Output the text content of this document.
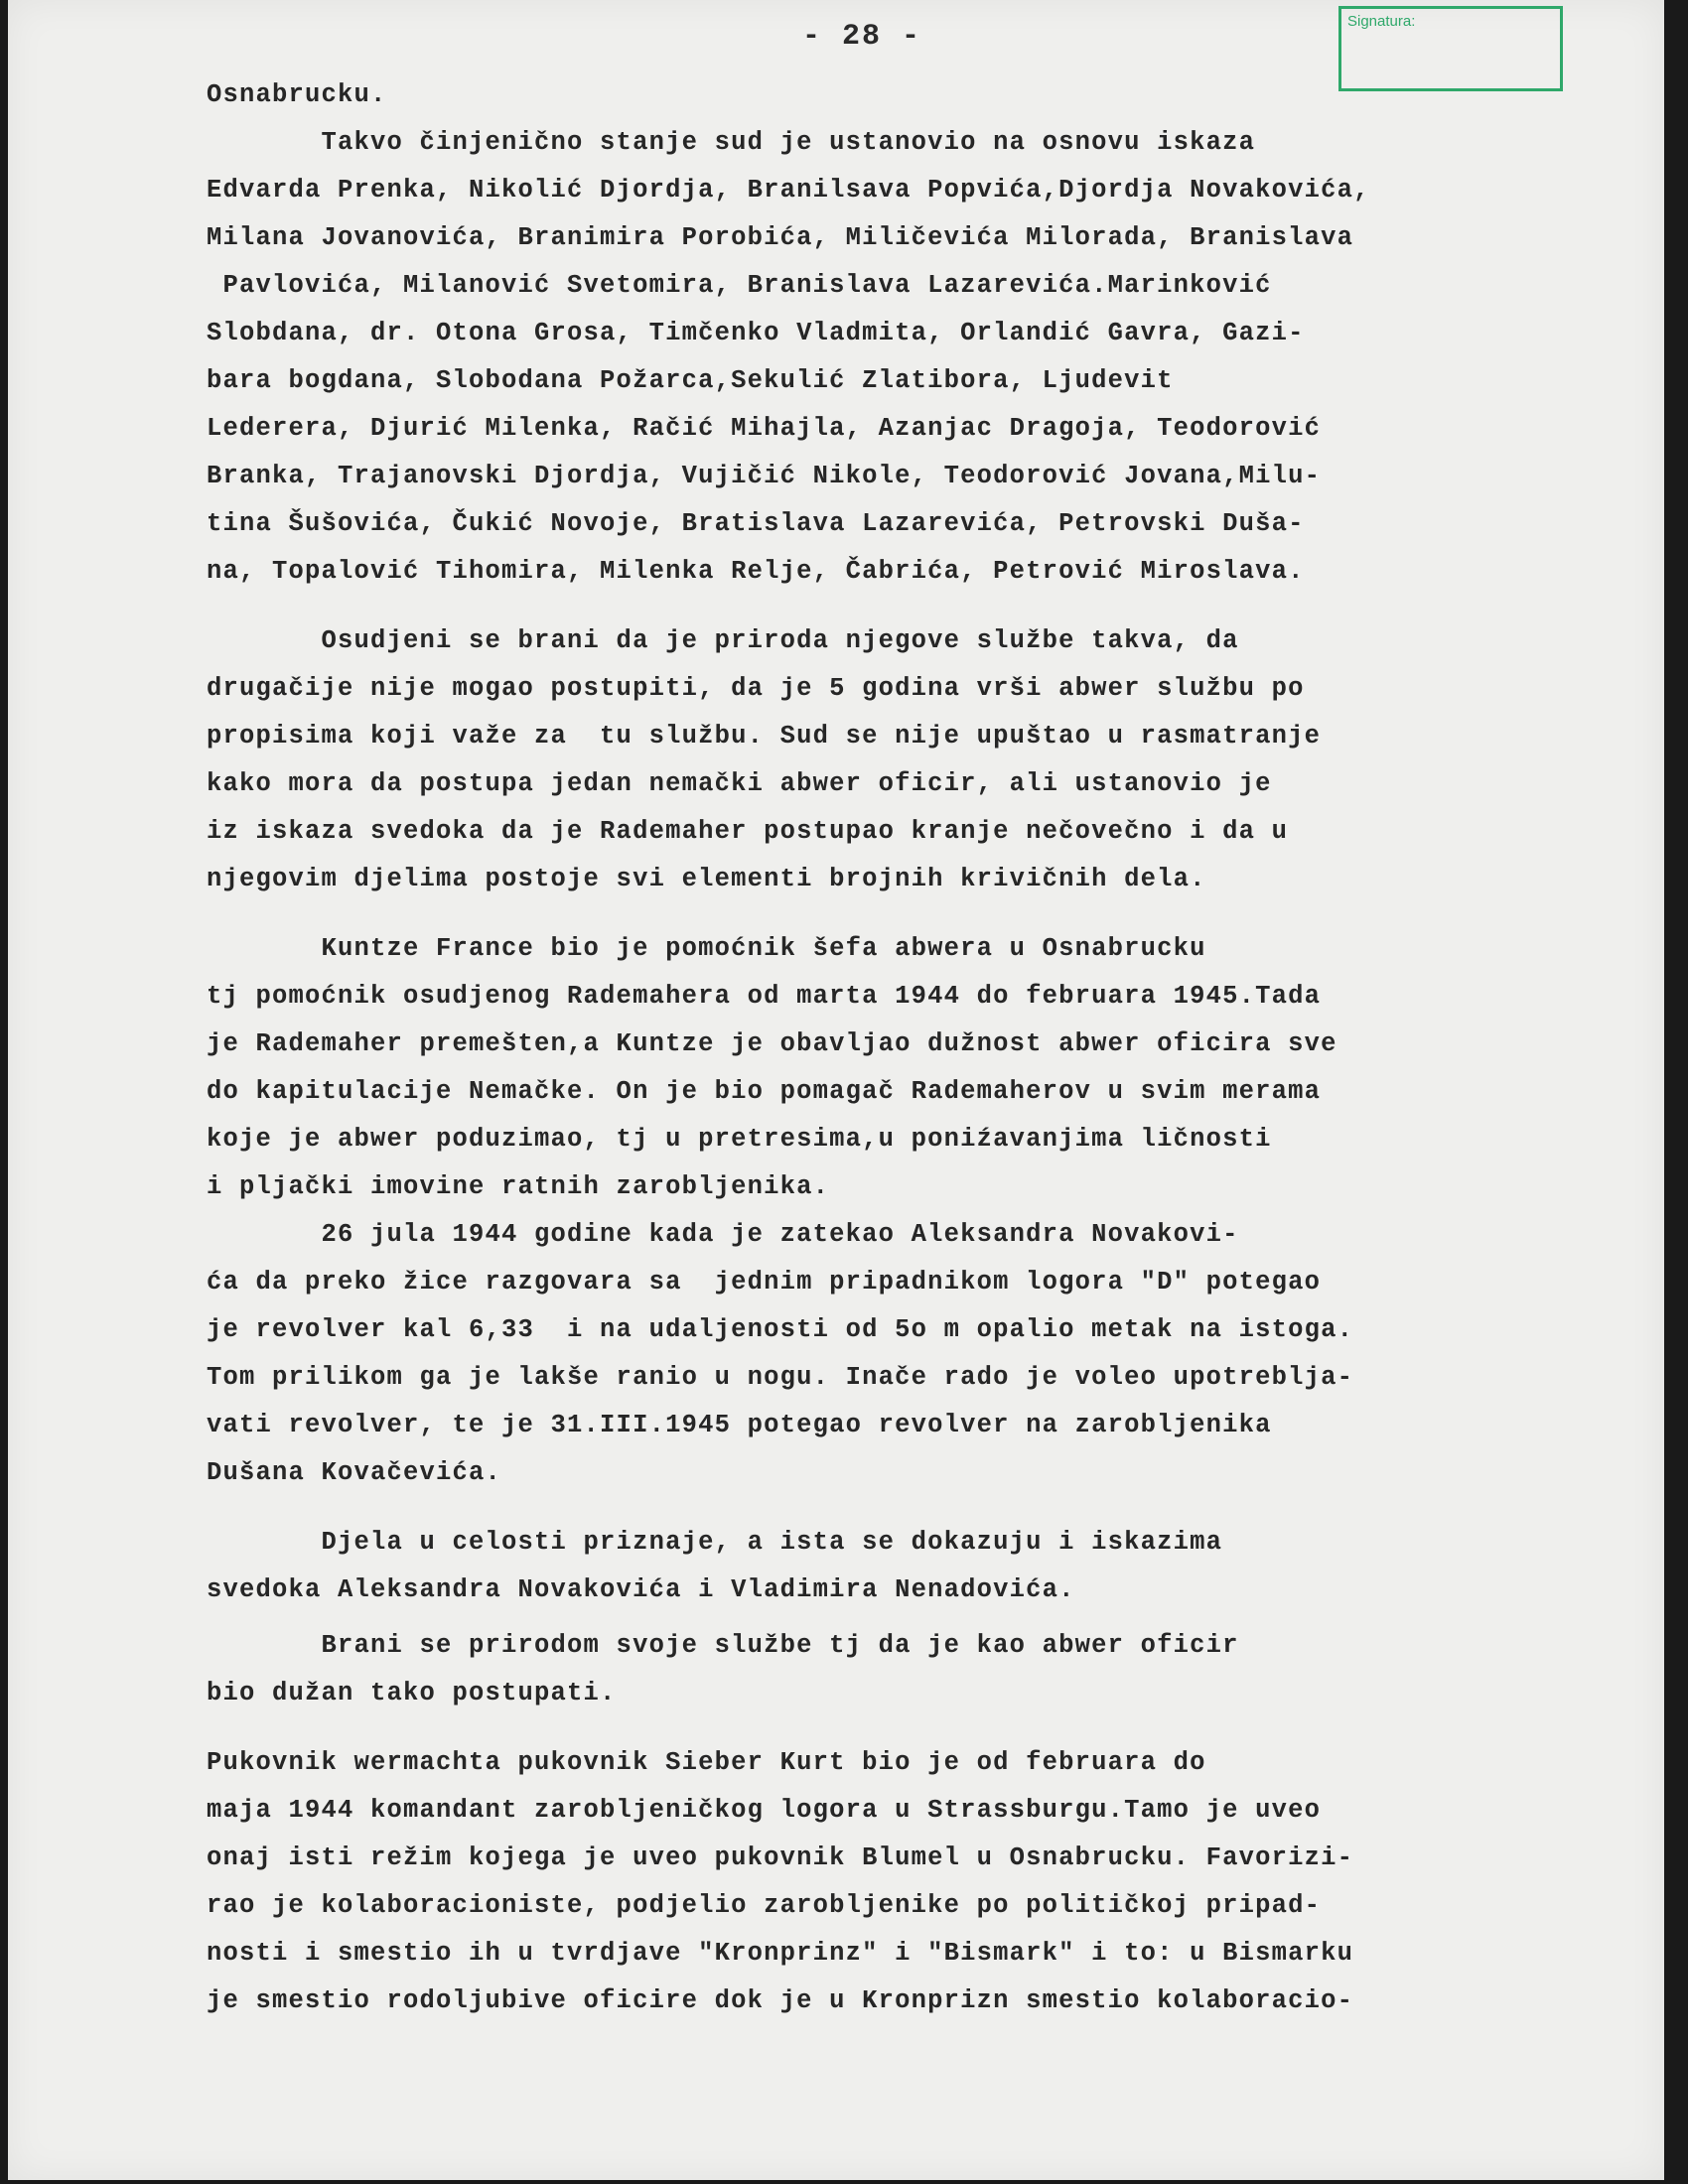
- 28 -	Signatura:
Osnabrucku.
Takvo činjenično stanje sud je ustanovio na osnovu iskaza
Edvarda Prenka, Nikolić Djordja, Branilsava Popvića,Djordja Novakovića,
Milana Jovanovića, Branimira Porobića, Miličevića Milorada, Branislava
Pavlovića, Milanović Svetomira, Branislava Lazarevića.Marinković
Slobdana, dr. Otona Grosa, Timčenko Vladmita, Orlandić Gavra, Gazi-
bara bogdana, Slobodana Požarca,Sekulić Zlatibora, Ljudevit
Lederera, Djurić Milenka, Račić Mihajla, Azanjac Dragoja, Teodorović
Branka, Trajanovski Djordja, Vujičić Nikole, Teodorović Jovana,Milu-
tina Šušovića, Čukić Novoje, Bratislava Lazarevića, Petrovski Duša-
na, Topalović Tihomira, Milenka Relje, Čabrića, Petrović Miroslava.
Osudjeni se brani da je priroda njegove službe takva, da
drugačije nije mogao postupiti, da je 5 godina vrši abwer službu po
propisima koji važe za  tu službu. Sud se nije upuštao u rasmatranje
kako mora da postupa jedan nemački abwer oficir, ali ustanovio je
iz iskaza svedoka da je Rademaher postupao kranje nečovečno i da u
njegovim djelima postoje svi elementi brojnih krivičnih dela.
Kuntze France bio je pomoćnik šefa abwera u Osnabrucku
tj pomoćnik osudjenog Rademahera od marta 1944 do februara 1945.Tada
je Rademaher premešten,a Kuntze je obavljao dužnost abwer oficira sve
do kapitulacije Nemačke. On je bio pomagač Rademaherov u svim merama
koje je abwer poduzimao, tj u pretresima,u poniźavanjima ličnosti
i pljački imovine ratnih zarobljenika.
26 jula 1944 godine kada je zatekao Aleksandra Novakovi-
ća da preko žice razgovara sa  jednim pripadnikom logora "D" potegao
je revolver kal 6,33  i na udaljenosti od 5o m opalio metak na istoga.
Tom prilikom ga je lakše ranio u nogu. Inače rado je voleo upotreblja-
vati revolver, te je 31.III.1945 potegao revolver na zarobljenika
Dušana Kovačevića.
Djela u celosti priznaje, a ista se dokazuju i iskazima
svedoka Aleksandra Novakovića i Vladimira Nenadovića.
Brani se prirodom svoje službe tj da je kao abwer oficir
bio dužan tako postupati.
Pukovnik wermachta pukovnik Sieber Kurt bio je od februara do
maja 1944 komandant zarobljeničkog logora u Strassburgu.Tamo je uveo
onaj isti režim kojega je uveo pukovnik Blumel u Osnabrucku. Favorizi-
rao je kolaboracioniste, podjelio zarobljenike po političkoj pripad-
nosti i smestio ih u tvrdjave "Kronprinz" i "Bismark" i to: u Bismarku
je smestio rodoljubive oficire dok je u Kronprizn smestio kolaboracio-
